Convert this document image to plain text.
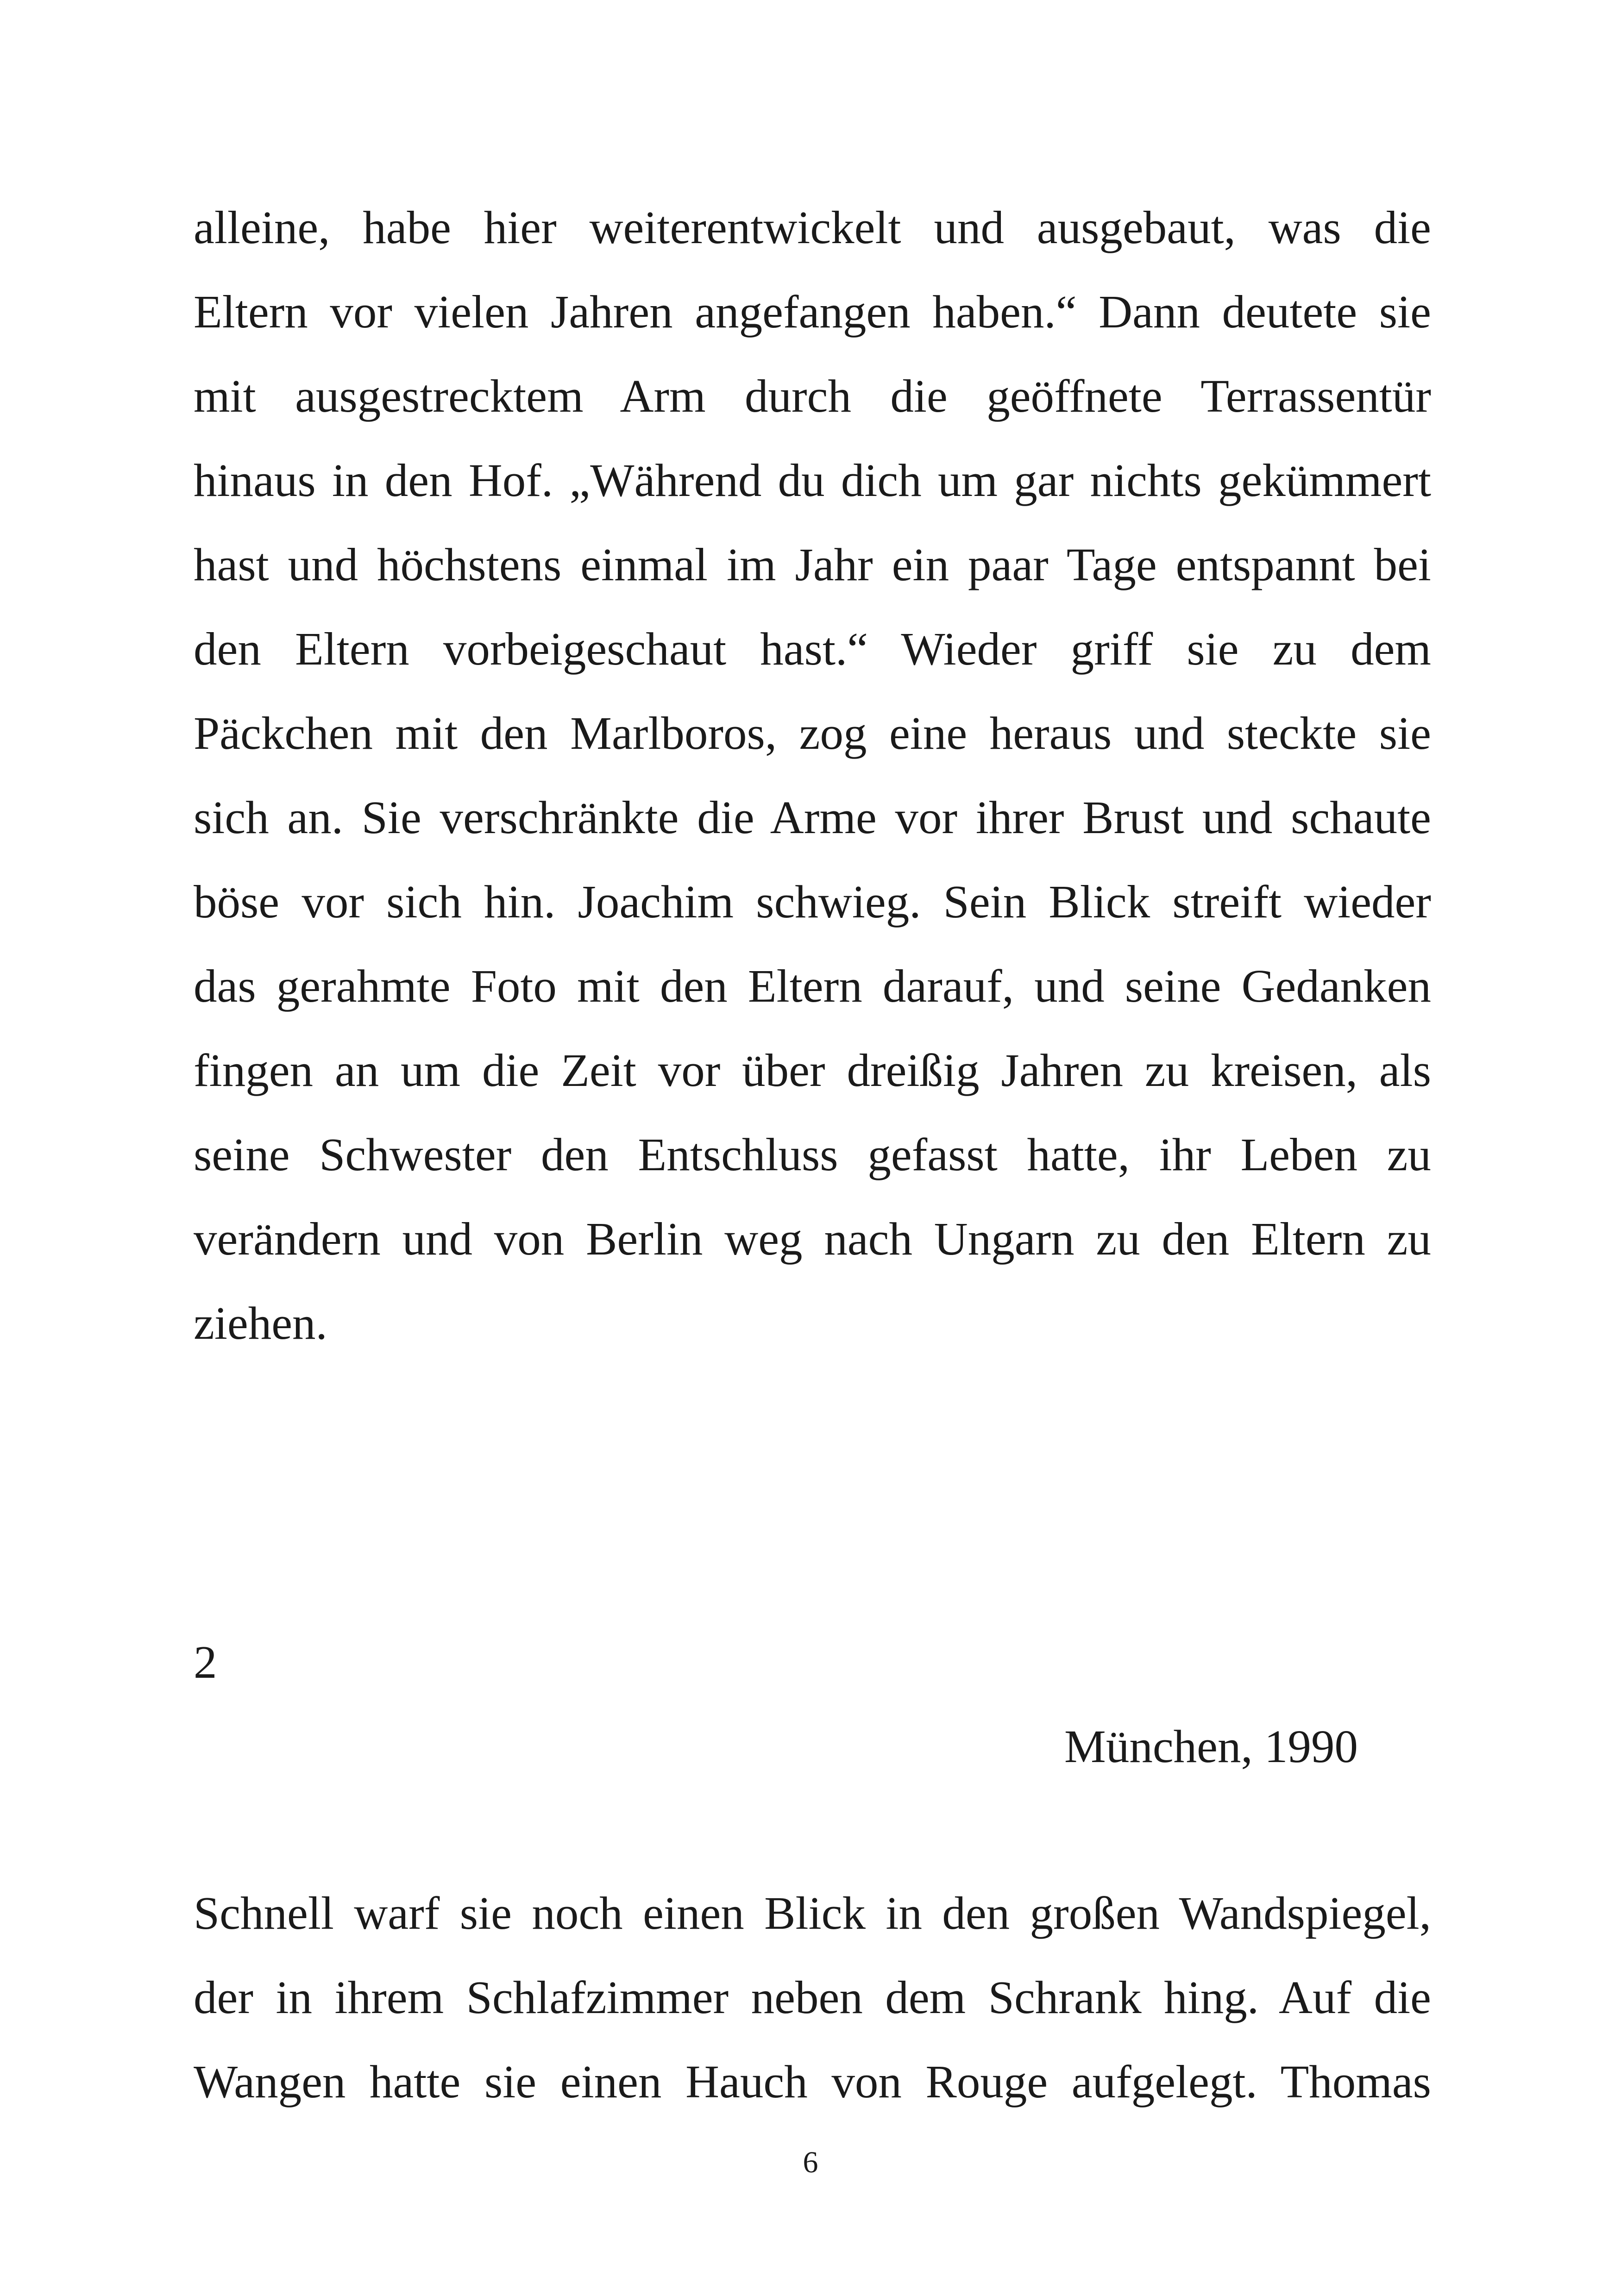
alleine, habe hier weiterentwickelt und ausgebaut, was die
Eltern vor vielen Jahren angefangen haben.“ Dann deutete sie
mit ausgestrecktem Arm durch die geöffnete Terrassentür
hinaus in den Hof. „Während du dich um gar nichts gekümmert
hast und höchstens einmal im Jahr ein paar Tage entspannt bei
den Eltern vorbeigeschaut hast.“ Wieder griff sie zu dem
Päckchen mit den Marlboros, zog eine heraus und steckte sie
sich an. Sie verschränkte die Arme vor ihrer Brust und schaute
böse vor sich hin. Joachim schwieg. Sein Blick streift wieder
das gerahmte Foto mit den Eltern darauf, und seine Gedanken
fingen an um die Zeit vor über dreißig Jahren zu kreisen, als
seine Schwester den Entschluss gefasst hatte, ihr Leben zu
verändern und von Berlin weg nach Ungarn zu den Eltern zu
ziehen.
2
München, 1990
Schnell warf sie noch einen Blick in den großen Wandspiegel,
der in ihrem Schlafzimmer neben dem Schrank hing. Auf die
Wangen hatte sie einen Hauch von Rouge aufgelegt. Thomas
6
